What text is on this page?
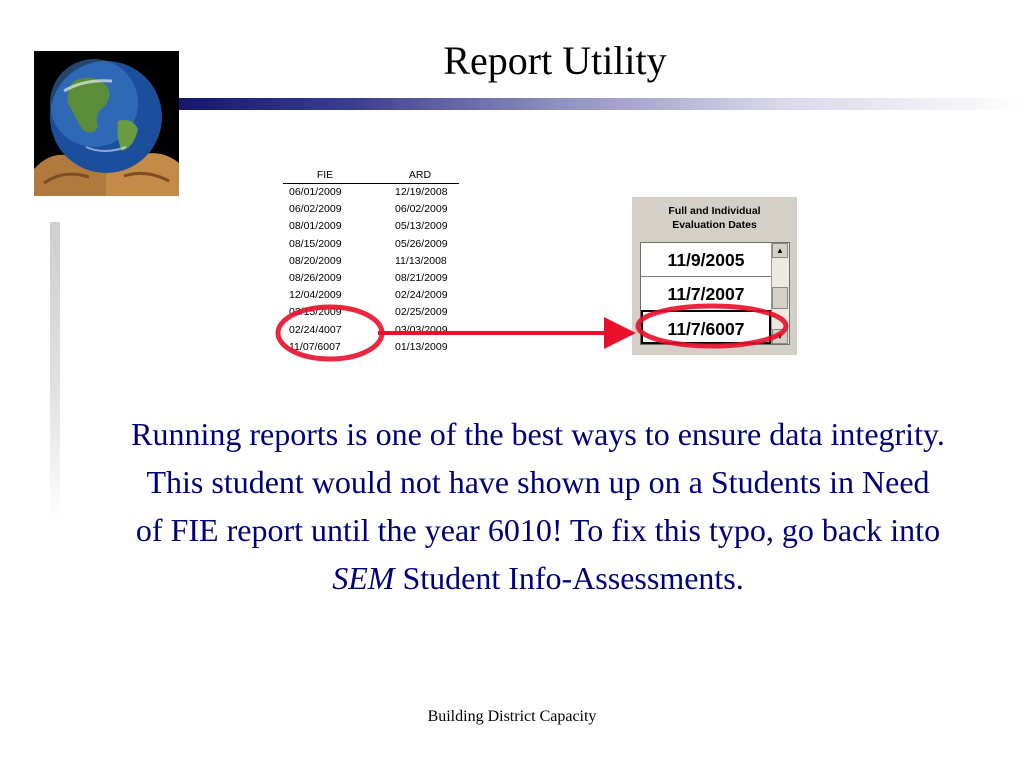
Report Utility
FIE	ARD
06/01/2009	12/19/2008
06/02/2009	06/02/2009
08/01/2009	05/13/2009
08/15/2009	05/26/2009
08/20/2009	11/13/2008
08/26/2009	08/21/2009
12/04/2009	02/24/2009
03/15/2009	02/25/2009
02/24/4007	03/03/2009
11/07/6007	01/13/2009
Full and Individual
Evaluation Dates
11/9/2005
11/7/2007
11/7/6007
▲
▼
Running reports is one of the best ways to ensure data integrity. This student would not have shown up on a Students in Need of FIE report until the year 6010! To fix this typo, go back into SEM Student Info-Assessments.
Building District Capacity
